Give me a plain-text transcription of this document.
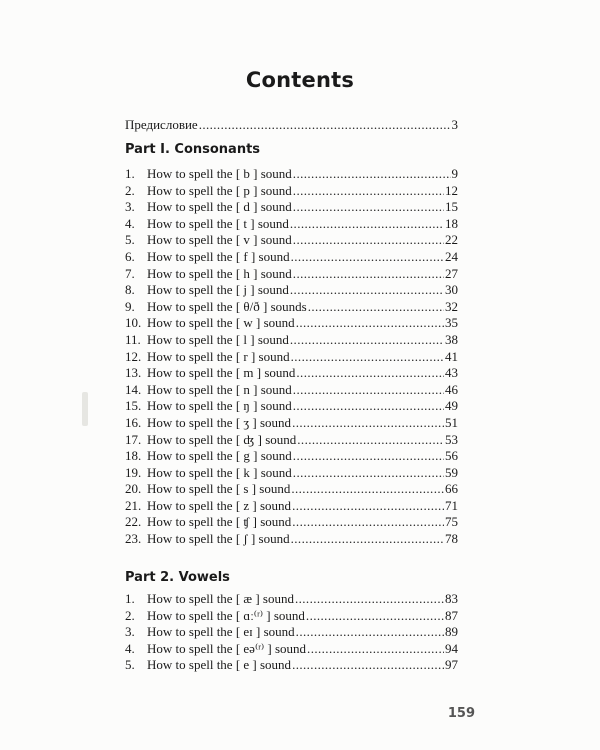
Contents
Предисловие .....	3
Part I. Consonants
1. How to spell the [ b ] sound .....	9
2. How to spell the [ p ] sound .....	12
3. How to spell the [ d ] sound .....	15
4. How to spell the [ t ] sound .....	18
5. How to spell the [ v ] sound .....	22
6. How to spell the [ f ] sound .....	24
7. How to spell the [ h ] sound .....	27
8. How to spell the [ j ] sound .....	30
9. How to spell the [ θ/ð ] sounds .....	32
10. How to spell the [ w ] sound .....	35
11. How to spell the [ l ] sound .....	38
12. How to spell the [ r ] sound .....	41
13. How to spell the [ m ] sound .....	43
14. How to spell the [ n ] sound .....	46
15. How to spell the [ ŋ ] sound .....	49
16. How to spell the [ ʒ ] sound .....	51
17. How to spell the [ ʤ ] sound .....	53
18. How to spell the [ g ] sound .....	56
19. How to spell the [ k ] sound .....	59
20. How to spell the [ s ] sound .....	66
21. How to spell the [ z ] sound .....	71
22. How to spell the [ ʧ ] sound .....	75
23. How to spell the [ ʃ ] sound .....	78
Part 2. Vowels
1. How to spell the [ æ ] sound .....	83
2. How to spell the [ ɑː⁽ʳ⁾ ] sound .....	87
3. How to spell the [ eɪ ] sound .....	89
4. How to spell the [ eə⁽ʳ⁾ ] sound .....	94
5. How to spell the [ e ] sound .....	97
159
